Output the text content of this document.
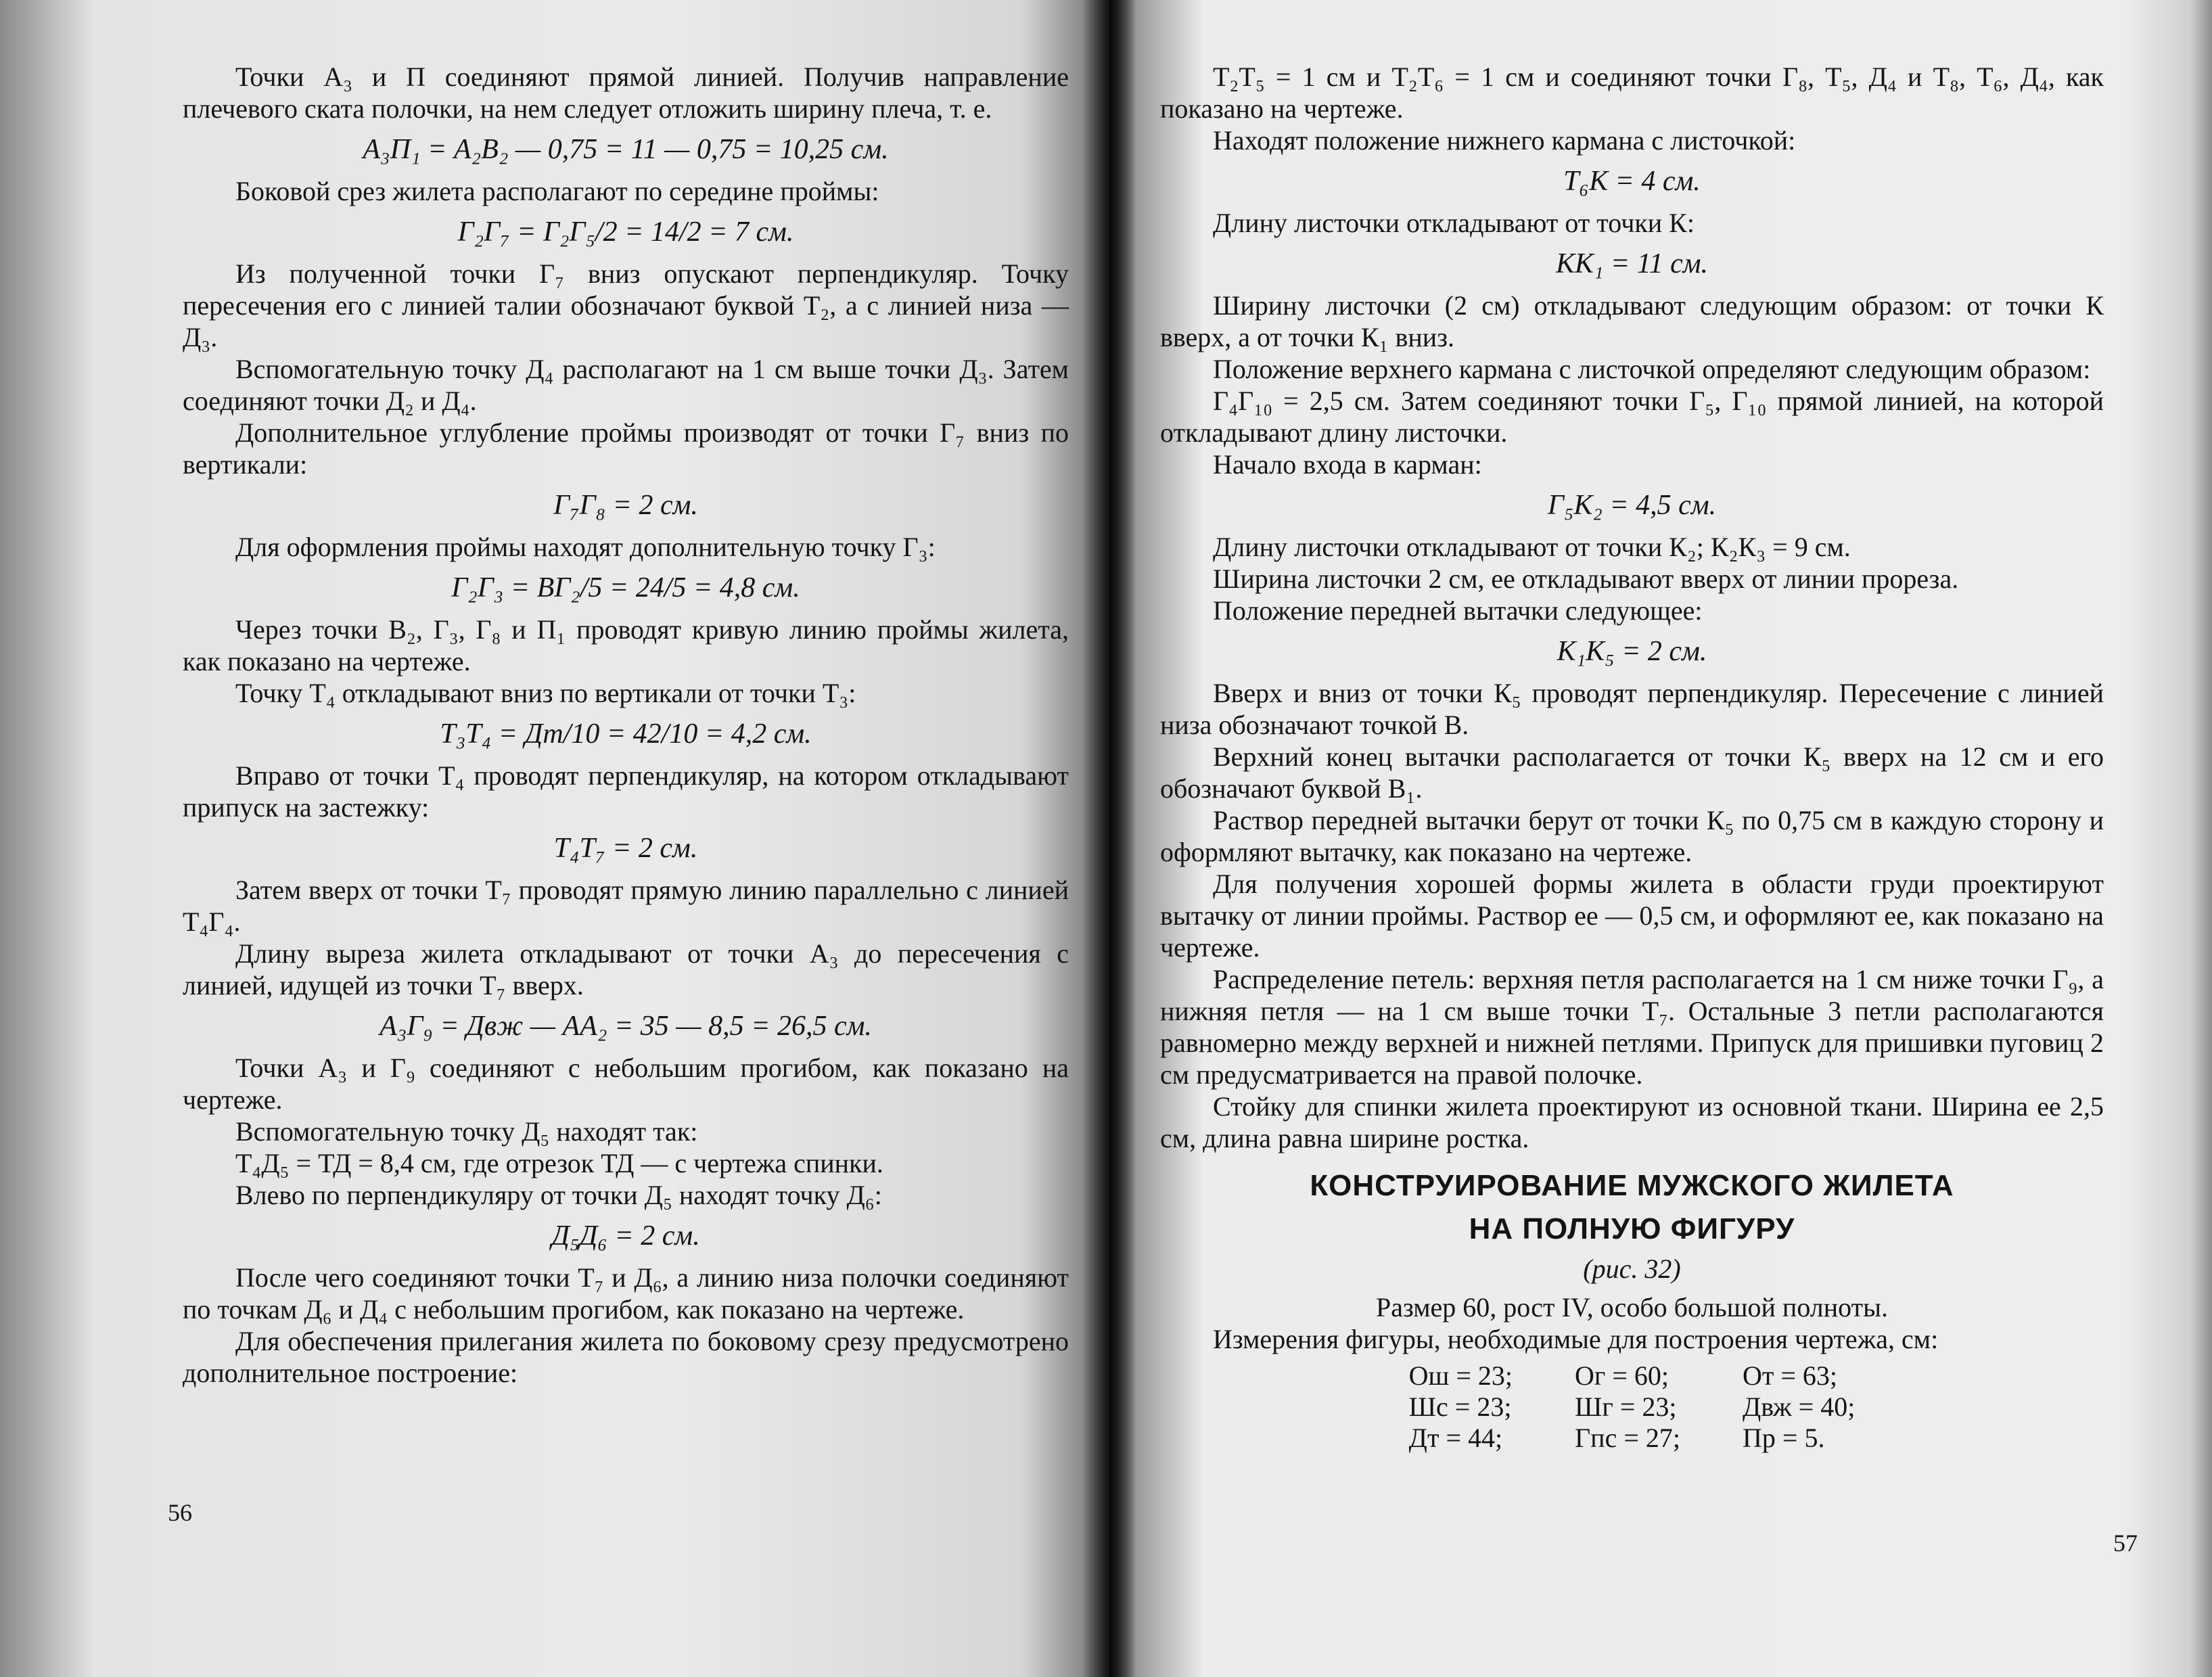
Точки А₃ и П соединяют прямой линией. Получив направление плечевого ската полочки, на нем следует отложить ширину плеча, т. е.

А₃П₁ = А₂В₂ — 0,75 = 11 — 0,75 = 10,25 см.

Боковой срез жилета располагают по середине проймы:

Г₂Г₇ = Г₂Г₅/2 = 14/2 = 7 см.

Из полученной точки Г₇ вниз опускают перпендикуляр. Точку пересечения его с линией талии обозначают буквой Т₂, а с линией низа — Д₃.

Вспомогательную точку Д₄ располагают на 1 см выше точки Д₃. Затем соединяют точки Д₂ и Д₄.

Дополнительное углубление проймы производят от точки Г₇ вниз по вертикали:

Г₇Г₈ = 2 см.

Для оформления проймы находят дополнительную точку Г₃:

Г₂Г₃ = ВГ₂/5 = 24/5 = 4,8 см.

Через точки В₂, Г₃, Г₈ и П₁ проводят кривую линию проймы жилета, как показано на чертеже.

Точку Т₄ откладывают вниз по вертикали от точки Т₃:

Т₃Т₄ = Дт/10 = 42/10 = 4,2 см.

Вправо от точки Т₄ проводят перпендикуляр, на котором откладывают припуск на застежку:

Т₄Т₇ = 2 см.

Затем вверх от точки Т₇ проводят прямую линию параллельно с линией Т₄Г₄.

Длину выреза жилета откладывают от точки А₃ до пересечения с линией, идущей из точки Т₇ вверх.

А₃Г₉ = Двж — АА₂ = 35 — 8,5 = 26,5 см.

Точки А₃ и Г₉ соединяют с небольшим прогибом, как показано на чертеже.

Вспомогательную точку Д₅ находят так:

Т₄Д₅ = ТД = 8,4 см, где отрезок ТД — с чертежа спинки.

Влево по перпендикуляру от точки Д₅ находят точку Д₆:

Д₅Д₆ = 2 см.

После чего соединяют точки Т₇ и Д₆, а линию низа полочки соединяют по точкам Д₆ и Д₄ с небольшим прогибом, как показано на чертеже.

Для обеспечения прилегания жилета по боковому срезу предусмотрено дополнительное построение:

56

Т₂Т₅ = 1 см и Т₂Т₆ = 1 см и соединяют точки Г₈, Т₅, Д₄ и Т₈, Т₆, Д₄, как показано на чертеже.

Находят положение нижнего кармана с листочкой:

Т₆К = 4 см.

Длину листочки откладывают от точки К:

КК₁ = 11 см.

Ширину листочки (2 см) откладывают следующим образом: от точки К вверх, а от точки К₁ вниз.

Положение верхнего кармана с листочкой определяют следующим образом:

Г₄Г₁₀ = 2,5 см. Затем соединяют точки Г₅, Г₁₀ прямой линией, на которой откладывают длину листочки.

Начало входа в карман:

Г₅К₂ = 4,5 см.

Длину листочки откладывают от точки К₂; К₂К₃ = 9 см.

Ширина листочки 2 см, ее откладывают вверх от линии прореза.

Положение передней вытачки следующее:

К₁К₅ = 2 см.

Вверх и вниз от точки К₅ проводят перпендикуляр. Пересечение с линией низа обозначают точкой В.

Верхний конец вытачки располагается от точки К₅ вверх на 12 см и его обозначают буквой В₁.

Раствор передней вытачки берут от точки К₅ по 0,75 см в каждую сторону и оформляют вытачку, как показано на чертеже.

Для получения хорошей формы жилета в области груди проектируют вытачку от линии проймы. Раствор ее — 0,5 см, и оформляют ее, как показано на чертеже.

Распределение петель: верхняя петля располагается на 1 см ниже точки Г₉, а нижняя петля — на 1 см выше точки Т₇. Остальные 3 петли располагаются равномерно между верхней и нижней петлями. Припуск для пришивки пуговиц 2 см предусматривается на правой полочке.

Стойку для спинки жилета проектируют из основной ткани. Ширина ее 2,5 см, длина равна ширине ростка.

КОНСТРУИРОВАНИЕ МУЖСКОГО ЖИЛЕТА

НА ПОЛНУЮ ФИГУРУ

(рис. 32)

Размер 60, рост IV, особо большой полноты.

Измерения фигуры, необходимые для построения чертежа, см:

Ош = 23;	Ог = 60;	От = 63;
Шс = 23;	Шг = 23;	Двж = 40;
Дт = 44;	Гпс = 27;	Пр = 5.
57
